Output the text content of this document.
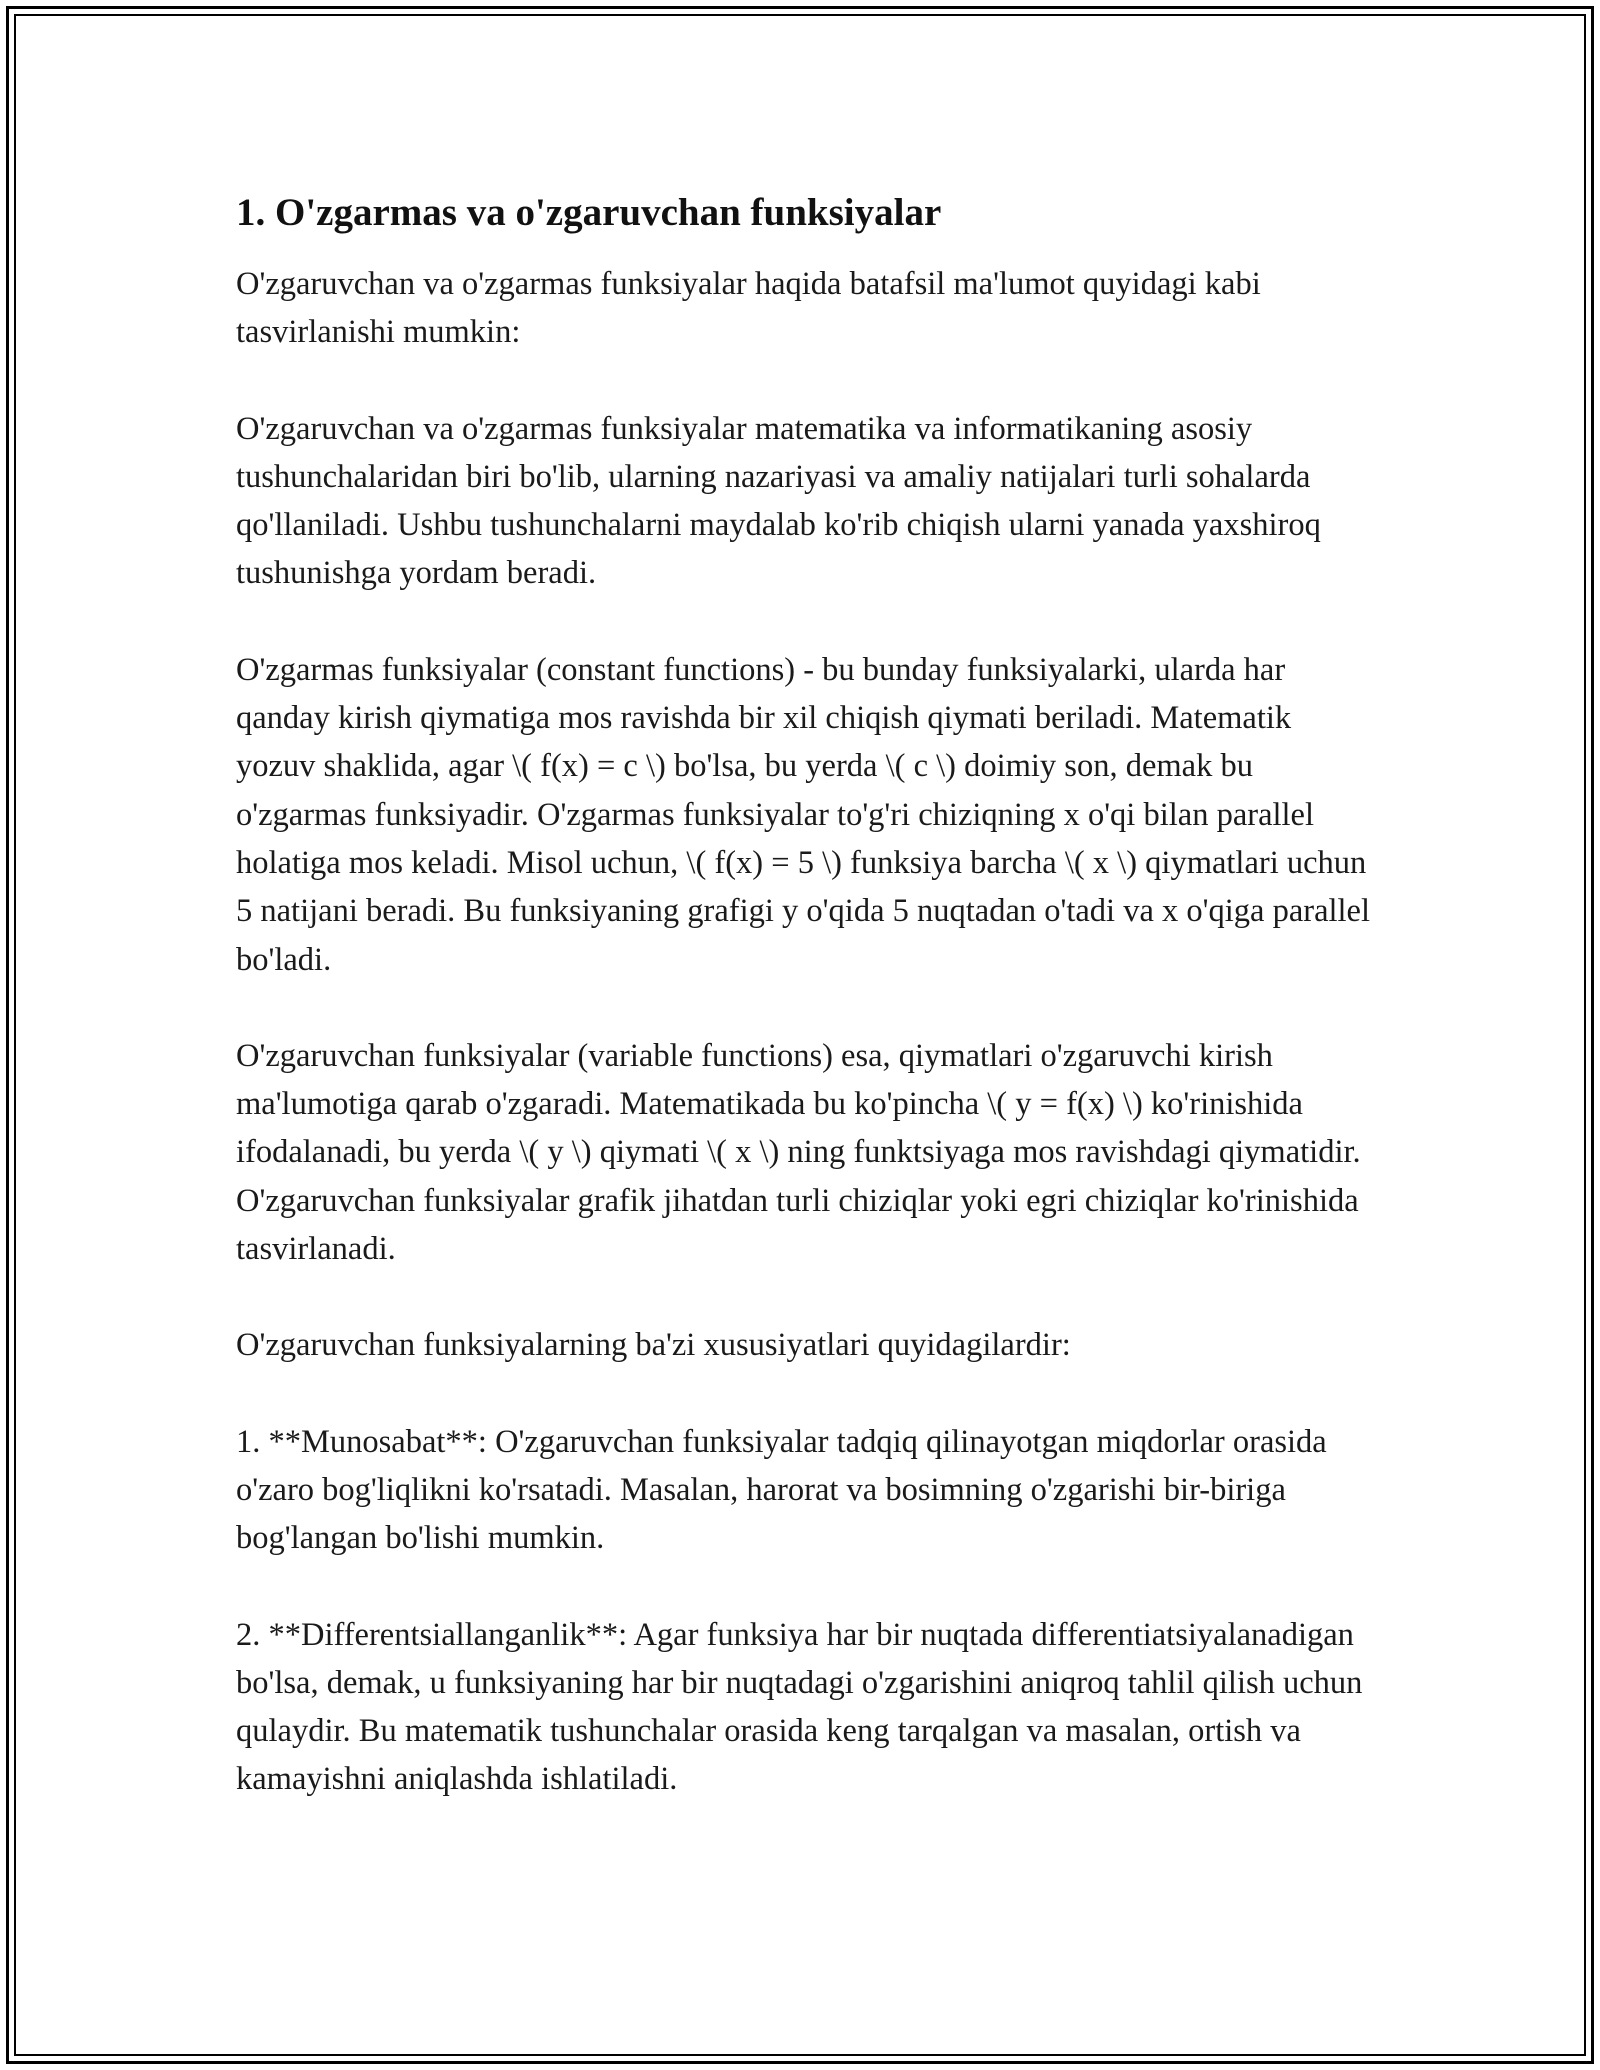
1. O'zgarmas va o'zgaruvchan funksiyalar

O'zgaruvchan va o'zgarmas funksiyalar haqida batafsil ma'lumot quyidagi kabi tasvirlanishi mumkin:

O'zgaruvchan va o'zgarmas funksiyalar matematika va informatikaning asosiy tushunchalaridan biri bo'lib, ularning nazariyasi va amaliy natijalari turli sohalarda qo'llaniladi. Ushbu tushunchalarni maydalab ko'rib chiqish ularni yanada yaxshiroq tushunishga yordam beradi.

O'zgarmas funksiyalar (constant functions) - bu bunday funksiyalarki, ularda har qanday kirish qiymatiga mos ravishda bir xil chiqish qiymati beriladi. Matematik yozuv shaklida, agar \( f(x) = c \) bo'lsa, bu yerda \( c \) doimiy son, demak bu o'zgarmas funksiyadir. O'zgarmas funksiyalar to'g'ri chiziqning x o'qi bilan parallel holatiga mos keladi. Misol uchun, \( f(x) = 5 \) funksiya barcha \( x \) qiymatlari uchun 5 natijani beradi. Bu funksiyaning grafigi y o'qida 5 nuqtadan o'tadi va x o'qiga parallel bo'ladi.

O'zgaruvchan funksiyalar (variable functions) esa, qiymatlari o'zgaruvchi kirish ma'lumotiga qarab o'zgaradi. Matematikada bu ko'pincha \( y = f(x) \) ko'rinishida ifodalanadi, bu yerda \( y \) qiymati \( x \) ning funktsiyaga mos ravishdagi qiymatidir. O'zgaruvchan funksiyalar grafik jihatdan turli chiziqlar yoki egri chiziqlar ko'rinishida tasvirlanadi.

O'zgaruvchan funksiyalarning ba'zi xususiyatlari quyidagilardir:

1. **Munosabat**: O'zgaruvchan funksiyalar tadqiq qilinayotgan miqdorlar orasida o'zaro bog'liqlikni ko'rsatadi. Masalan, harorat va bosimning o'zgarishi bir-biriga bog'langan bo'lishi mumkin.

2. **Differentsiallanganlik**: Agar funksiya har bir nuqtada differentiatsiyalanadigan bo'lsa, demak, u funksiyaning har bir nuqtadagi o'zgarishini aniqroq tahlil qilish uchun qulaydir. Bu matematik tushunchalar orasida keng tarqalgan va masalan, ortish va kamayishni aniqlashda ishlatiladi.
